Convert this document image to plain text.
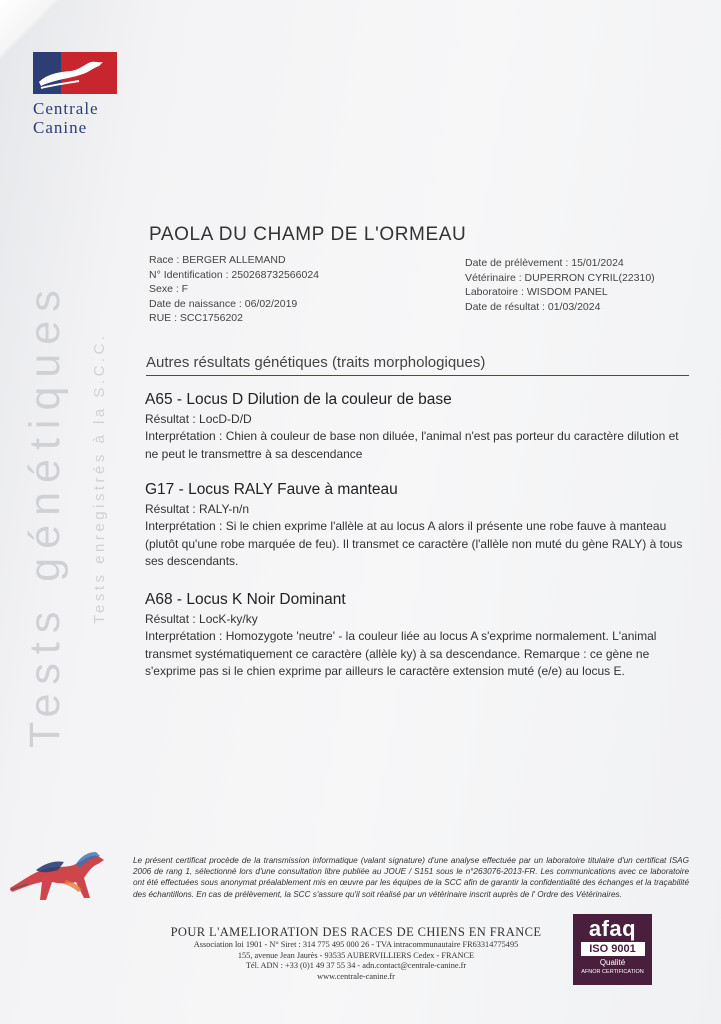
Centrale
Canine
Tests génétiques Tests enregistrés à la S.C.C.
PAOLA DU CHAMP DE L'ORMEAU
Race : BERGER ALLEMAND
N° Identification : 250268732566024
Sexe : F
Date de naissance : 06/02/2019
RUE : SCC1756202
Date de prélèvement : 15/01/2024
Vétérinaire : DUPERRON CYRIL(22310)
Laboratoire : WISDOM PANEL
Date de résultat : 01/03/2024
Autres résultats génétiques (traits morphologiques)
A65 - Locus D Dilution de la couleur de base
Résultat : LocD-D/D
Interprétation : Chien à couleur de base non diluée, l'animal n'est pas porteur du caractère dilution et ne peut le transmettre à sa descendance
G17 - Locus RALY Fauve à manteau
Résultat : RALY-n/n
Interprétation : Si le chien exprime l'allèle at au locus A alors il présente une robe fauve à manteau (plutôt qu'une robe marquée de feu). Il transmet ce caractère (l'allèle non muté du gène RALY) à tous ses descendants.
A68 - Locus K Noir Dominant
Résultat : LocK-ky/ky
Interprétation : Homozygote 'neutre' - la couleur liée au locus A s'exprime normalement. L'animal transmet systématiquement ce caractère (allèle ky) à sa descendance. Remarque : ce gène ne s'exprime pas si le chien exprime par ailleurs le caractère extension muté (e/e) au locus E.
Le présent certificat procède de la transmission informatique (valant signature) d'une analyse effectuée par un laboratoire titulaire d'un certificat ISAG 2006 de rang 1, sélectionné lors d'une consultation libre publiée au JOUE / S151 sous le n°263076-2013-FR. Les communications avec ce laboratoire ont été effectuées sous anonymat préalablement mis en œuvre par les équipes de la SCC afin de garantir la confidentialité des échanges et la traçabilité des échantillons. En cas de prélèvement, la SCC s'assure qu'il soit réalisé par un vétérinaire inscrit auprès de l' Ordre des Vétérinaires.
POUR L'AMELIORATION DES RACES DE CHIENS EN FRANCE
Association loi 1901 - N° Siret : 314 775 495 000 26 - TVA intracommunautaire FR63314775495
155, avenue Jean Jaurès - 93535 AUBERVILLIERS Cedex - FRANCE
Tél. ADN : +33 (0)1 49 37 55 34 - adn.contact@centrale-canine.fr
www.centrale-canine.fr
afaq
ISO 9001
Qualité
AFNOR CERTIFICATION
